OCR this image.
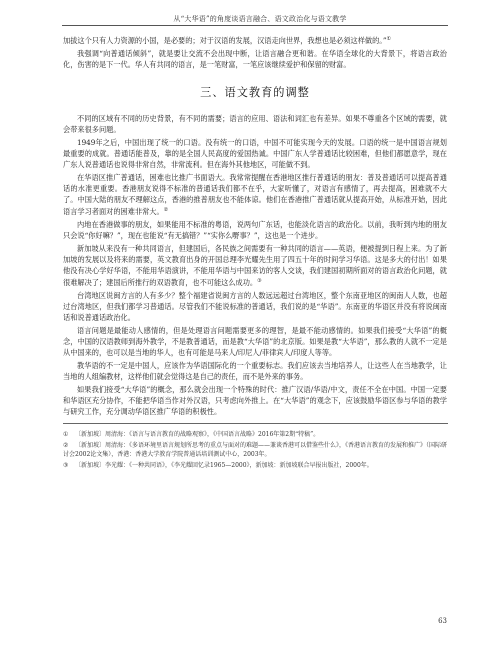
从“大华语”的角度谈语言融合、语文政治化与语文教学

加拔这个只有人力资源的小国，是必要的；对于汉语的发展，汉语走向世界，我想也是必须这样做的。”①

我强调“向普通话倾斜”，就是要让交流不会出现中断，让语言融合更和谐。在华语全球化的大背景下，将语言政治化，伤害的是下一代。华人有共同的语言，是一笔财富，一笔应该继续爱护和保留的财富。

三、语文教育的调整

不同的区域有不同的历史背景，有不同的需要；语言的应用、语法和词汇也有差异。如果不尊重各个区域的需要，就会带来很多问题。

1949年之后，中国出现了统一的口语。没有统一的口语，中国不可能实现今天的发展。口语的统一是中国语言规划最重要的成就。普通话能普及，靠的是全国人民高度的爱国热诚。中国广东人学普通话比较困难，但他们都愿意学，现在广东人说普通话也说得非常自然，非常流利。但在海外其他地区，可能做不到。

在华语区推广普通话，困难也比推广书面语大。我常常提醒在香港地区推行普通话的朋友：普及普通话可以提高普通话的水准更重要。香港朋友说得不标准的普通话我们都不在乎，大家听懂了，对语言有感情了，再去提高，困难就不大了。中国大陆的朋友不理解这点，香港的推普朋友也不能体谅。他们在香港推广普通话就从提高开始，从标准开始，因此语言学习者面对的困难非常大。②

内地在香港做事的朋友，如果能用不标准的粤语，说两句广东话，也能淡化语言的政治化。以前，我听到内地的朋友只会说“你好嘛？”，现在也能说“有无搞错？”“实你么嘢事？”，这也是一个进步。

新加坡从来没有一种共同语言，但建国后，各民族之间需要有一种共同的语言——英语，便被提到日程上来。为了新加坡的发展以及将来的需要，英文教育出身的开国总理李光耀先生用了四五十年的时间学习华语。这是多大的付出！如果他没有决心学好华语，不能用华语演讲，不能用华语与中国来访的客人交谈，我们建国初期所面对的语言政治化问题，就很难解决了；建国后所推行的双语教育，也不可能这么成功。③

台湾地区说闽方言的人有多少？整个福建省说闽方言的人数远远超过台湾地区，整个东南亚地区的闽南人人数，也超过台湾地区，但我们都学习普通话。尽管我们不能说标准的普通话，我们说的是“华语”。东南亚的华语区并没有将说闽南话和说普通话政治化。

语言问题是最能动人感情的，但是处理语言问题需要更多的理智，是最不能动感情的。如果我们接受“大华语”的概念，中国的汉语教师到海外教学，不是教普通话，而是教“大华语”的北京版。如果是教“大华语”，那么教的人就不一定是从中国来的，也可以是当地的华人，也有可能是马来人/印尼人/菲律宾人/印度人等等。

教华语的不一定是中国人，应该作为华语国际化的一个重要标志。我们应该去当地培养人，让这些人在当地教学，让当地的人组编教材，这样他们就会觉得这是自己的责任，而不是外来的事务。

如果我们接受“大华语”的概念，那么就会出现一个特殊的时代：推广汉语/华语/中文，责任不全在中国。中国一定要和华语区充分协作，不能把华语当作对外汉语，只考虑向外推上。在“大华语”的观念下，应该鼓励华语区参与华语的教学与研究工作，充分调动华语区推广华语的积极性。

① 〔新加坡〕周清海：《语言与语言教育的战略观察》，《中国语言战略》2016年第2期“特稿”。

② 〔新加坡〕周清海：《多语环境里语言规划所思考的重点与面对的难题——兼谈香港可以借鉴些什么》，《香港语言教育的发展和推广》（国际研讨会2002论文集），香港：香港大学教育学院普通话培训测试中心，2003年。

③ 〔新加坡〕李光耀：《一种共同语》，《李光耀回忆录1965—2000》，新加坡：新加坡联合早报出版社，2000年。

63
